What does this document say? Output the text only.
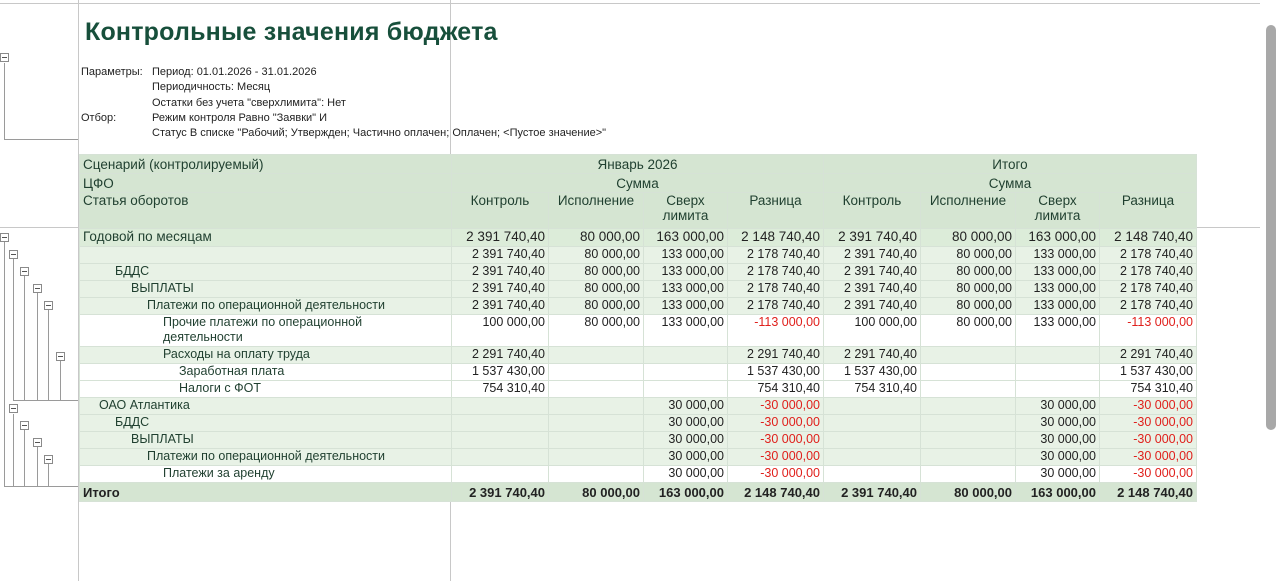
Контрольные значения бюджета
Параметры: Период: 01.01.2026 - 31.01.2026
Периодичность: Месяц
Остатки без учета "сверхлимита": Нет
Отбор:	Режим контроля Равно "Заявки" И
Статус В списке "Рабочий; Утвержден; Частично оплачен; Оплачен; <Пустое значение>"
Сценарий (контролируемый)	Январь 2026				Итого			
ЦФО	Сумма				Сумма			
Статья оборотов	Контроль	Исполнение	Сверх лимита	Разница	Контроль	Исполнение	Сверх лимита	Разница
Годовой по месяцам	2 391 740,40	80 000,00	163 000,00	2 148 740,40	2 391 740,40	80 000,00	163 000,00	2 148 740,40
	2 391 740,40	80 000,00	133 000,00	2 178 740,40	2 391 740,40	80 000,00	133 000,00	2 178 740,40
БДДС	2 391 740,40	80 000,00	133 000,00	2 178 740,40	2 391 740,40	80 000,00	133 000,00	2 178 740,40
ВЫПЛАТЫ	2 391 740,40	80 000,00	133 000,00	2 178 740,40	2 391 740,40	80 000,00	133 000,00	2 178 740,40
Платежи по операционной деятельности	2 391 740,40	80 000,00	133 000,00	2 178 740,40	2 391 740,40	80 000,00	133 000,00	2 178 740,40

Прочие платежи по операционной
деятельности	100 000,00	80 000,00	133 000,00	-113 000,00	100 000,00	80 000,00	133 000,00	-113 000,00
Расходы на оплату труда	2 291 740,40			2 291 740,40	2 291 740,40			2 291 740,40
Заработная плата	1 537 430,00			1 537 430,00	1 537 430,00			1 537 430,00
Налоги с ФОТ	754 310,40			754 310,40	754 310,40			754 310,40
ОАО Атлантика			30 000,00	-30 000,00			30 000,00	-30 000,00
БДДС			30 000,00	-30 000,00			30 000,00	-30 000,00
ВЫПЛАТЫ			30 000,00	-30 000,00			30 000,00	-30 000,00
Платежи по операционной деятельности			30 000,00	-30 000,00			30 000,00	-30 000,00
Платежи за аренду			30 000,00	-30 000,00			30 000,00	-30 000,00
Итого	2 391 740,40	80 000,00	163 000,00	2 148 740,40	2 391 740,40	80 000,00	163 000,00	2 148 740,40
